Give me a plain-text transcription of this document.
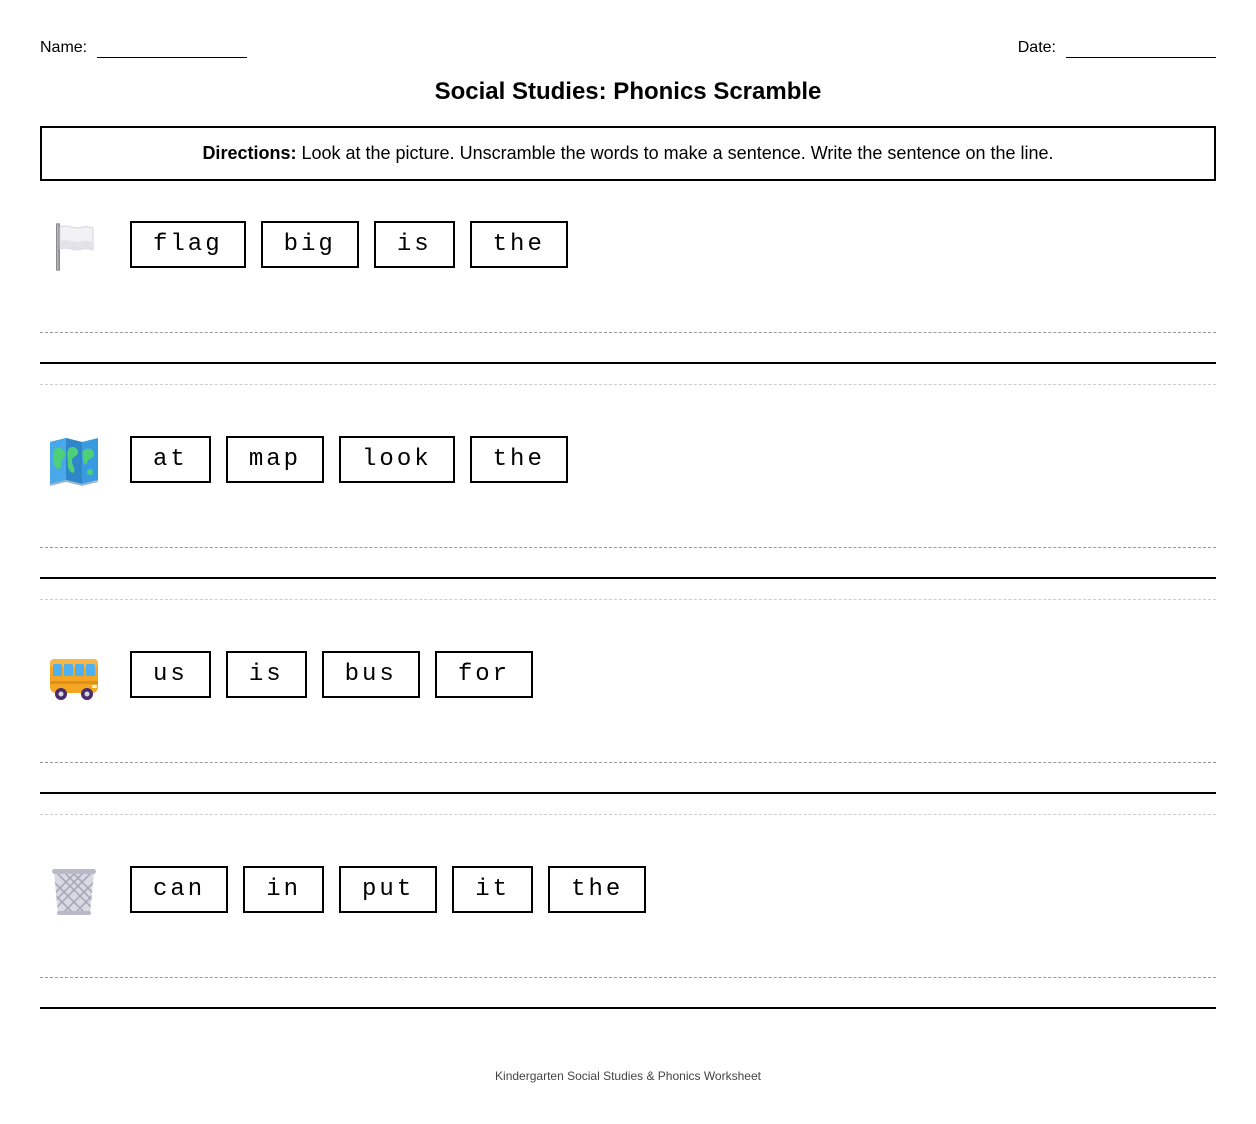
Name:	Date:
Social Studies: Phonics Scramble
Directions: Look at the picture. Unscramble the words to make a sentence. Write the sentence on the line.
flag	big	is	the
at	map	look	the
us	is	bus	for
can	in	put	it	the
Kindergarten Social Studies & Phonics Worksheet
